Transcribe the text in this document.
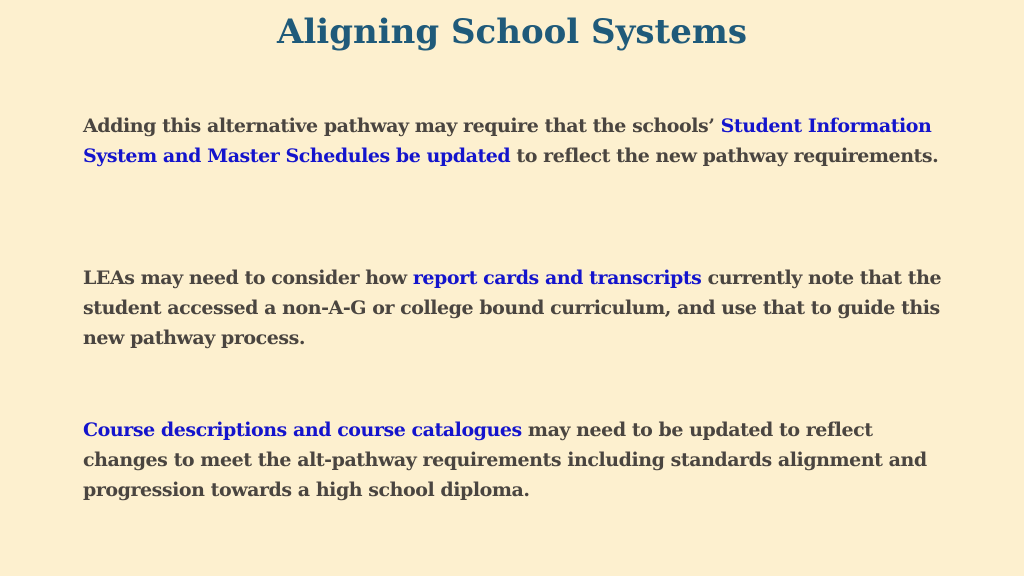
Aligning School Systems

Adding this alternative pathway may require that the schools’ Student Information System and Master Schedules be updated to reflect the new pathway requirements.

LEAs may need to consider how report cards and transcripts currently note that the student accessed a non-A-G or college bound curriculum, and use that to guide this new pathway process.

Course descriptions and course catalogues may need to be updated to reflect changes to meet the alt-pathway requirements including standards alignment and progression towards a high school diploma.
